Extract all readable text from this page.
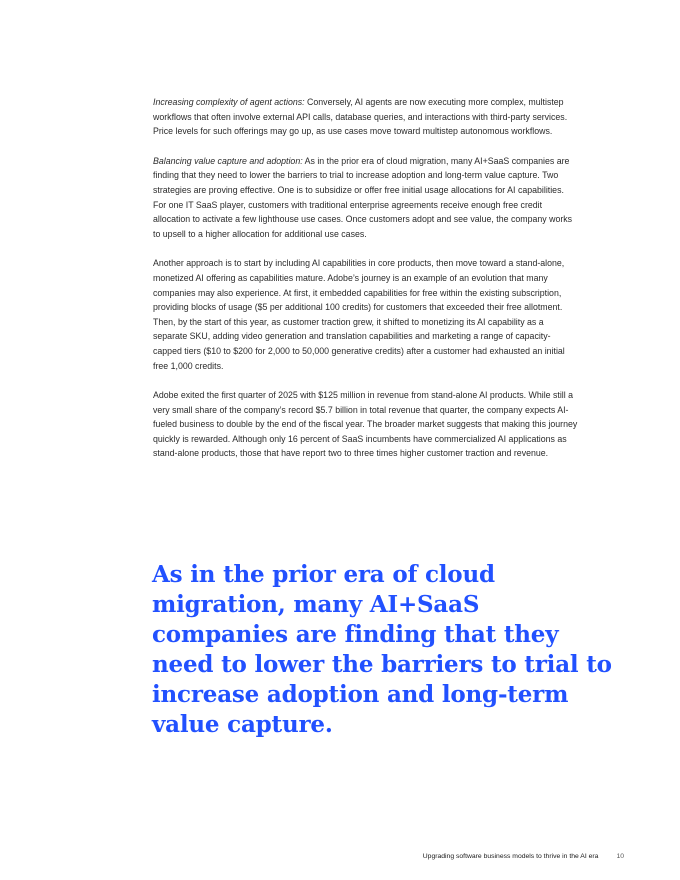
Increasing complexity of agent actions: Conversely, AI agents are now executing more complex, multistep workflows that often involve external API calls, database queries, and interactions with third-party services. Price levels for such offerings may go up, as use cases move toward multistep autonomous workflows.

Balancing value capture and adoption: As in the prior era of cloud migration, many AI+SaaS companies are finding that they need to lower the barriers to trial to increase adoption and long-term value capture. Two strategies are proving effective. One is to subsidize or offer free initial usage allocations for AI capabilities. For one IT SaaS player, customers with traditional enterprise agreements receive enough free credit allocation to activate a few lighthouse use cases. Once customers adopt and see value, the company works to upsell to a higher allocation for additional use cases.

Another approach is to start by including AI capabilities in core products, then move toward a stand-alone, monetized AI offering as capabilities mature. Adobe’s journey is an example of an evolution that many companies may also experience. At first, it embedded capabilities for free within the existing subscription, providing blocks of usage ($5 per additional 100 credits) for customers that exceeded their free allotment. Then, by the start of this year, as customer traction grew, it shifted to monetizing its AI capability as a separate SKU, adding video generation and translation capabilities and marketing a range of capacity-capped tiers ($10 to $200 for 2,000 to 50,000 generative credits) after a customer had exhausted an initial free 1,000 credits.

Adobe exited the first quarter of 2025 with $125 million in revenue from stand-alone AI products. While still a very small share of the company’s record $5.7 billion in total revenue that quarter, the company expects AI-fueled business to double by the end of the fiscal year. The broader market suggests that making this journey quickly is rewarded. Although only 16 percent of SaaS incumbents have commercialized AI applications as stand-alone products, those that have report two to three times higher customer traction and revenue.

As in the prior era of cloud migration, many AI+SaaS companies are finding that they need to lower the barriers to trial to increase adoption and long-term value capture.
Upgrading software business models to thrive in the AI era	10
